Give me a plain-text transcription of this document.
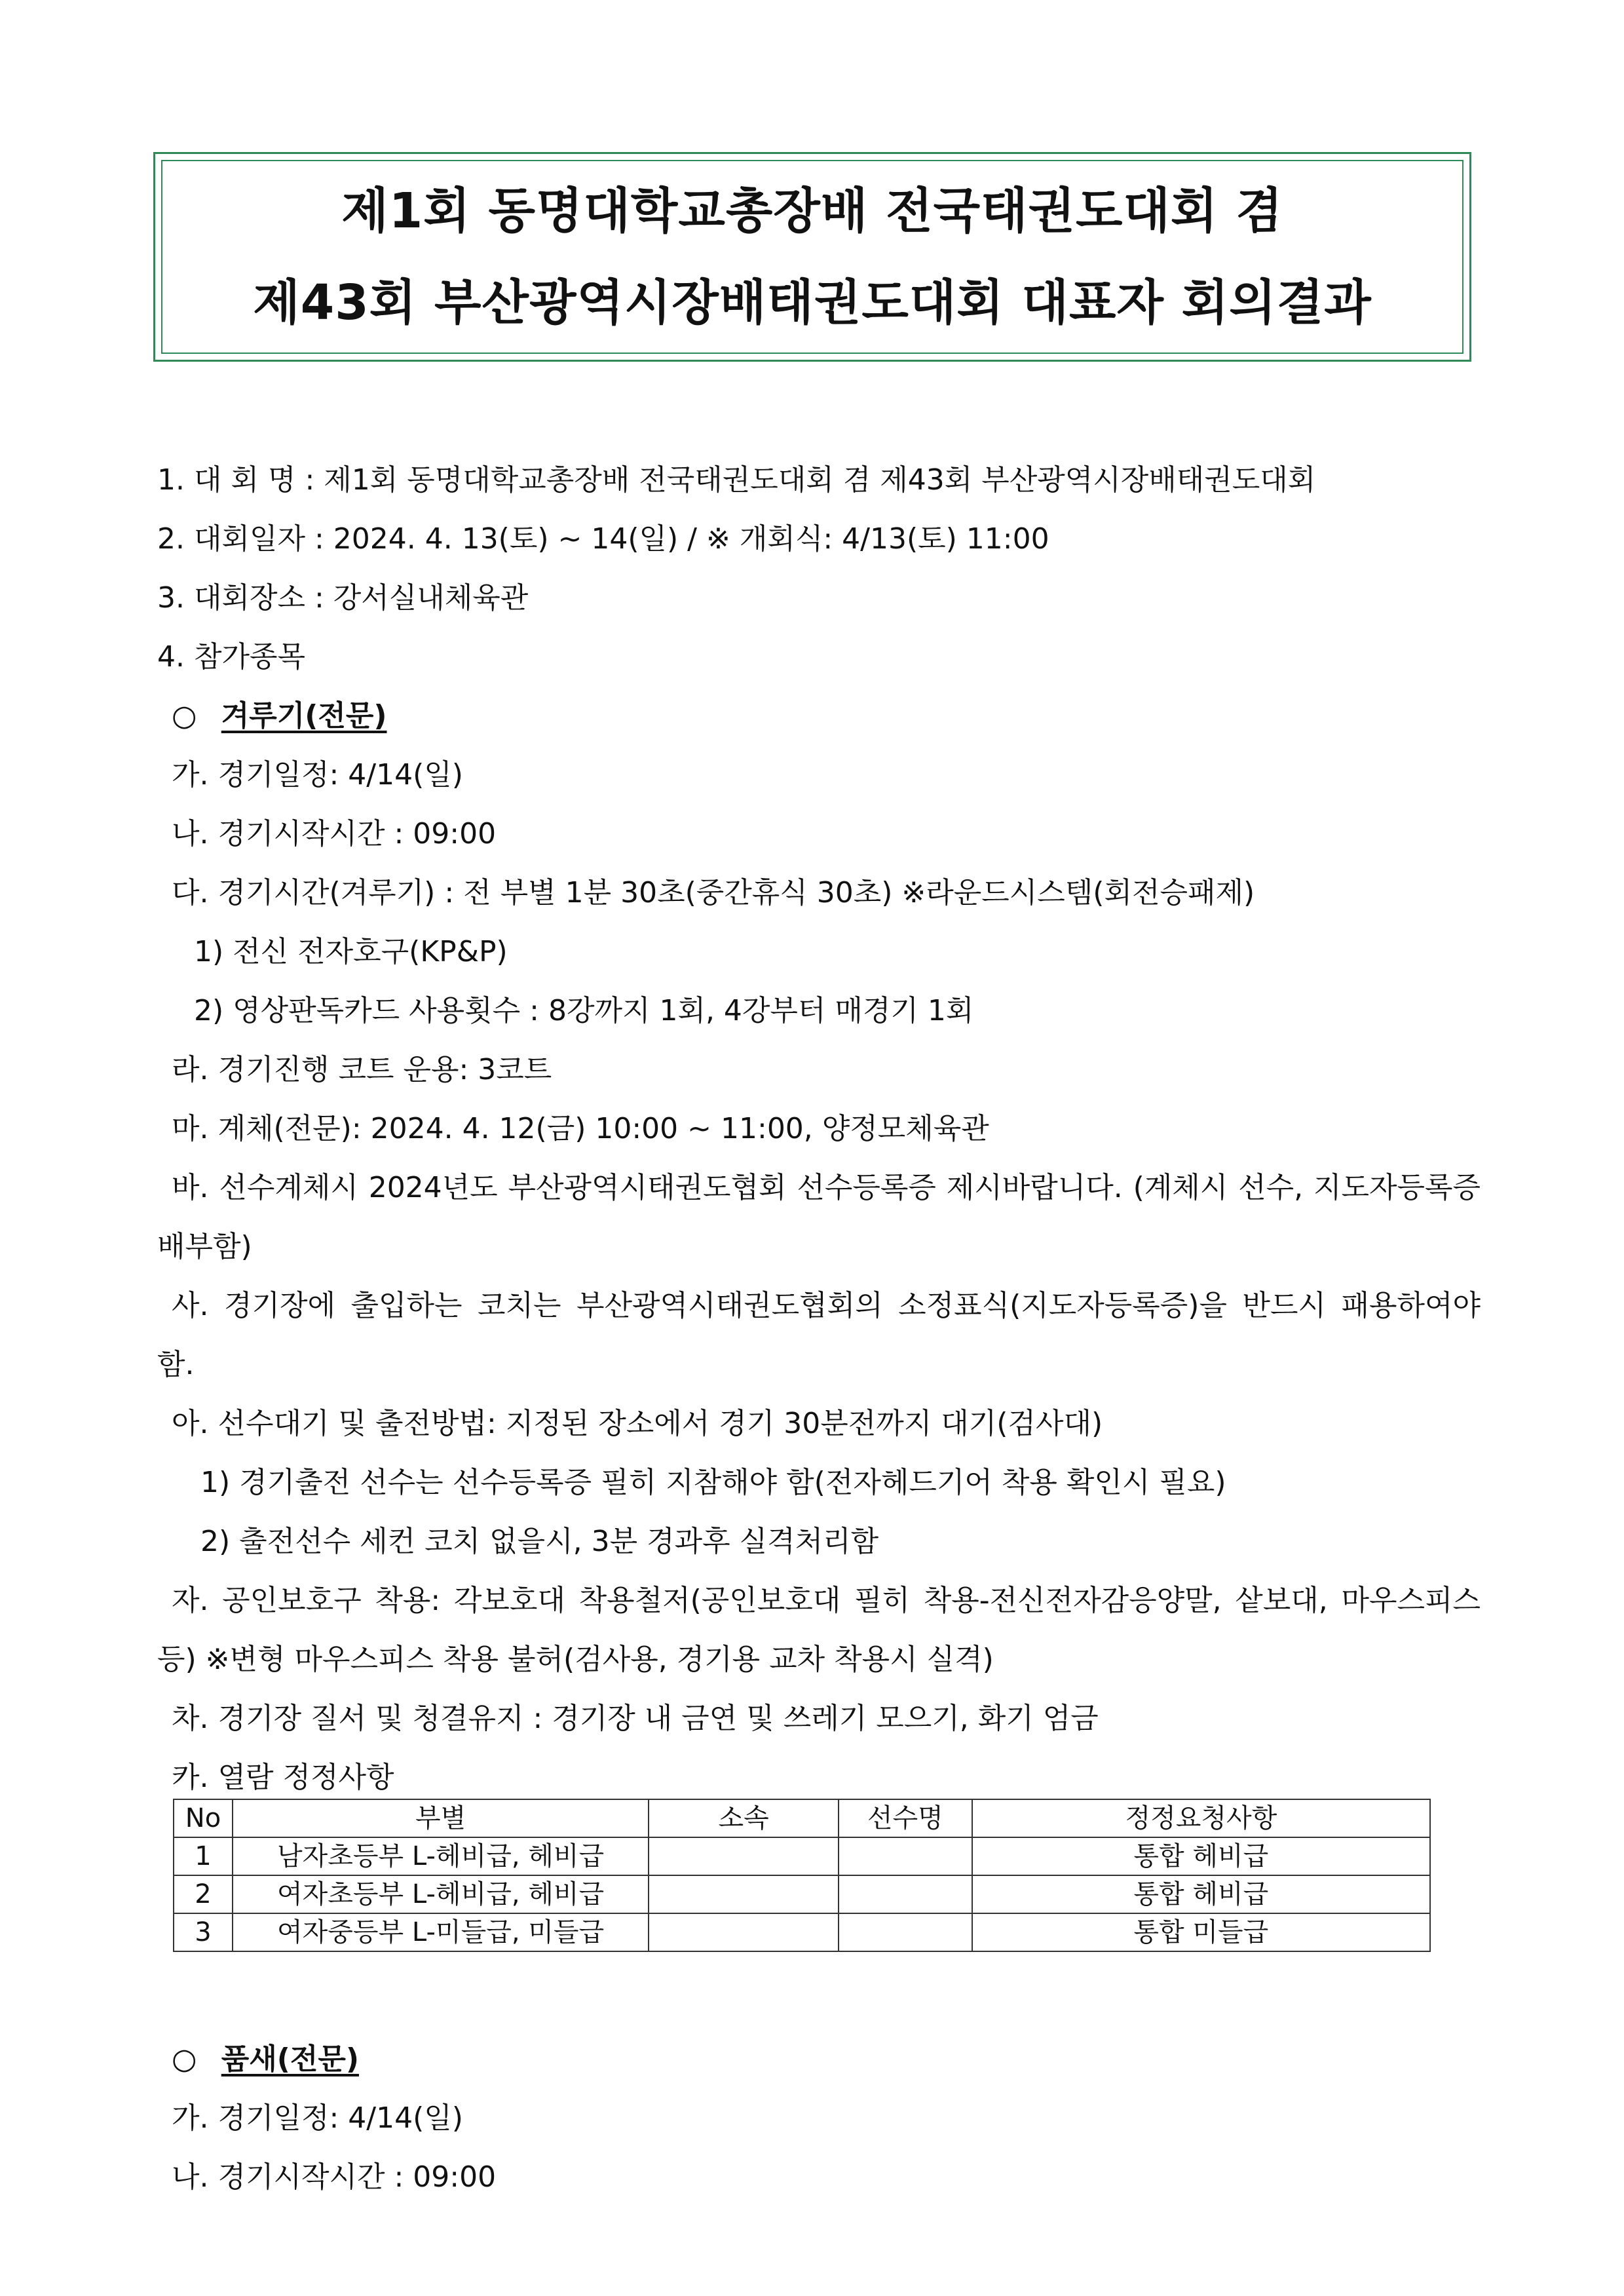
제1회 동명대학교총장배 전국태권도대회 겸
제43회 부산광역시장배태권도대회 대표자 회의결과
1. 대 회 명 : 제1회 동명대학교총장배 전국태권도대회 겸 제43회 부산광역시장배태권도대회
2. 대회일자 : 2024. 4. 13(토) ~ 14(일) / ※ 개회식: 4/13(토) 11:00
3. 대회장소 : 강서실내체육관
4. 참가종목
○ 겨루기(전문)
가. 경기일정: 4/14(일)
나. 경기시작시간 : 09:00
다. 경기시간(겨루기) : 전 부별 1분 30초(중간휴식 30초) ※라운드시스템(회전승패제)
1) 전신 전자호구(KP&P)
2) 영상판독카드 사용횟수 : 8강까지 1회, 4강부터 매경기 1회
라. 경기진행 코트 운용: 3코트
마. 계체(전문): 2024. 4. 12(금) 10:00 ~ 11:00, 양정모체육관
바. 선수계체시 2024년도 부산광역시태권도협회 선수등록증 제시바랍니다. (계체시 선수, 지도자등록증 배부함)
사. 경기장에 출입하는 코치는 부산광역시태권도협회의 소정표식(지도자등록증)을 반드시 패용하여야 함.
아. 선수대기 및 출전방법: 지정된 장소에서 경기 30분전까지 대기(검사대)
1) 경기출전 선수는 선수등록증 필히 지참해야 함(전자헤드기어 착용 확인시 필요)
2) 출전선수 세컨 코치 없을시, 3분 경과후 실격처리함
자. 공인보호구 착용: 각보호대 착용철저(공인보호대 필히 착용-전신전자감응양말, 샅보대, 마우스피스 등) ※변형 마우스피스 착용 불허(검사용, 경기용 교차 착용시 실격)
차. 경기장 질서 및 청결유지 : 경기장 내 금연 및 쓰레기 모으기, 화기 엄금
카. 열람 정정사항
No	부별	소속	선수명	정정요청사항
1	남자초등부 L-헤비급, 헤비급			통합 헤비급
2	여자초등부 L-헤비급, 헤비급			통합 헤비급
3	여자중등부 L-미들급, 미들급			통합 미들급
○ 품새(전문)
가. 경기일정: 4/14(일)
나. 경기시작시간 : 09:00
